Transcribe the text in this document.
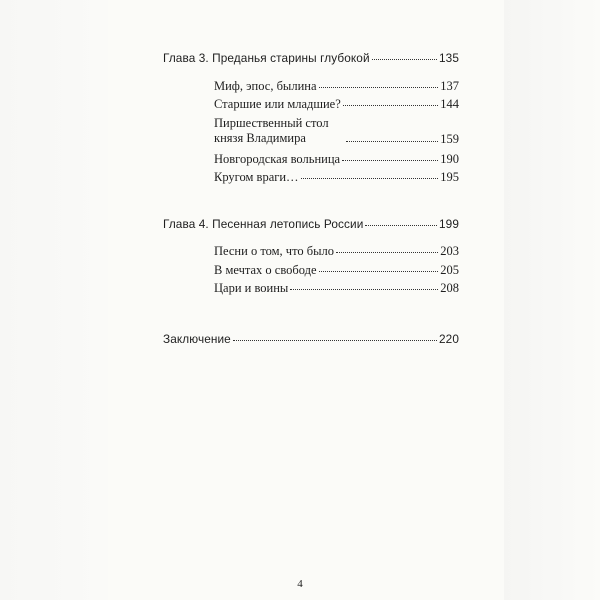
Глава 3. Преданья старины глубокой	135
Миф, эпос, былина	137
Старшие или младшие?	144
Пиршественный стол князя Владимира	159
Новгородская вольница	190
Кругом враги…	195
Глава 4. Песенная летопись России	199
Песни о том, что было	203
В мечтах о свободе	205
Цари и воины	208
Заключение	220
4
